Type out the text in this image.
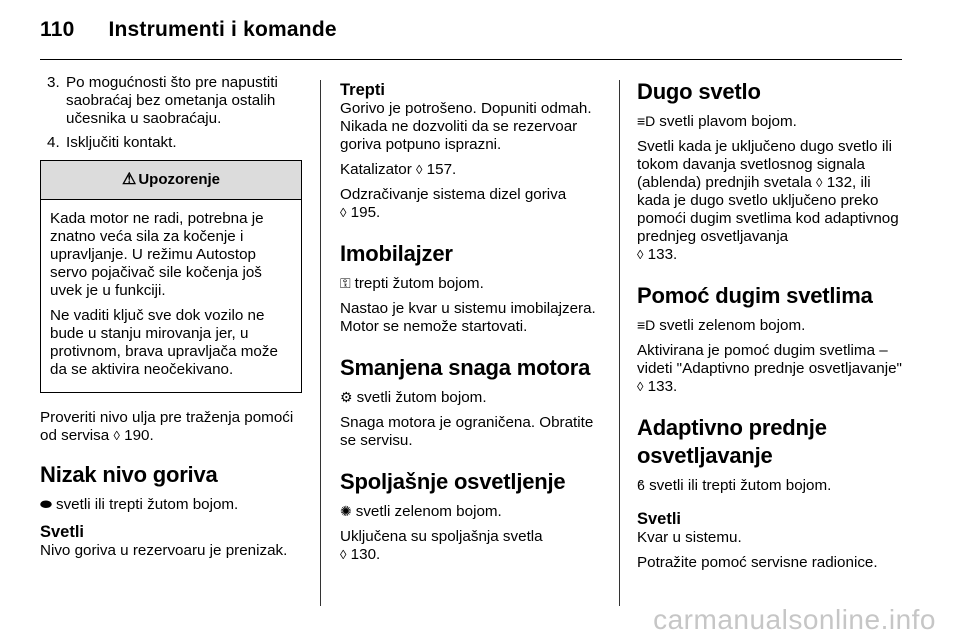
110 Instrumenti i komande
3. Po mogućnosti što pre napustiti saobraćaj bez ometanja ostalih učesnika u saobraćaju.
4. Isključiti kontakt.
⚠ Upozorenje

Kada motor ne radi, potrebna je znatno veća sila za kočenje i upravljanje. U režimu Autostop servo pojačivač sile kočenja još uvek je u funkciji.

Ne vaditi ključ sve dok vozilo ne bude u stanju mirovanja jer, u protivnom, brava upravljača može da se aktivira neočekivano.

Proveriti nivo ulja pre traženja pomoći od servisa ◊ 190.

Nizak nivo goriva

⬬ svetli ili trepti žutom bojom.

Svetli

Nivo goriva u rezervoaru je prenizak.

Trepti

Gorivo je potrošeno. Dopuniti odmah. Nikada ne dozvoliti da se rezervoar goriva potpuno isprazni.

Katalizator ◊ 157.

Odzračivanje sistema dizel goriva
◊ 195.

Imobilajzer

⚿ trepti žutom bojom.

Nastao je kvar u sistemu imobilajzera. Motor se nemože startovati.

Smanjena snaga motora

⚙ svetli žutom bojom.

Snaga motora je ograničena. Obratite se servisu.

Spoljašnje osvetljenje

✺ svetli zelenom bojom.

Uključena su spoljašnja svetla
◊ 130.

Dugo svetlo

≡D svetli plavom bojom.

Svetli kada je uključeno dugo svetlo ili tokom davanja svetlosnog signala (ablenda) prednjih svetala ◊ 132, ili kada je dugo svetlo uključeno preko pomoći dugim svetlima kod adaptivnog prednjeg osvetljavanja
◊ 133.

Pomoć dugim svetlima

≡D svetli zelenom bojom.

Aktivirana je pomoć dugim svetlima – videti "Adaptivno prednje osvetljavanje" ◊ 133.

Adaptivno prednje osvetljavanje

ϐ svetli ili trepti žutom bojom.

Svetli

Kvar u sistemu.

Potražite pomoć servisne radionice.

carmanualsonline.info
